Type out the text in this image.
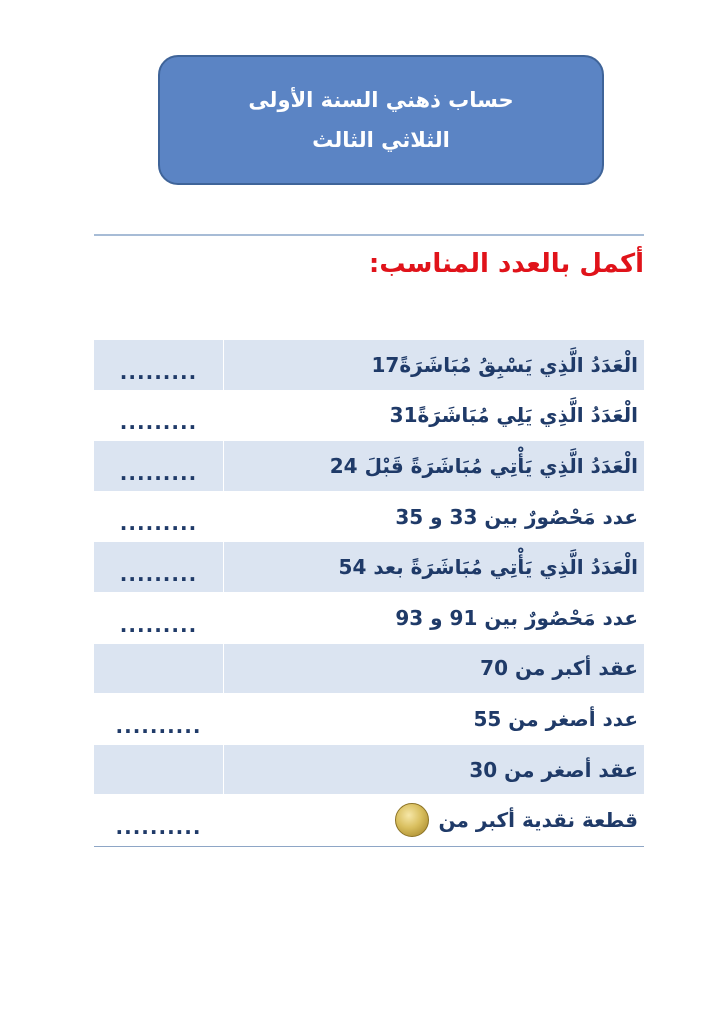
حساب ذهني السنة الأولى
الثلاثي الثالث
أكمل بالعدد المناسب:
الْعَدَدُ الَّذِي يَسْبِقُ مُبَاشَرَةً17
.........
الْعَدَدُ الَّذِي يَلِي مُبَاشَرَةً31
.........
الْعَدَدُ الَّذِي يَأْتِي مُبَاشَرَةً قَبْلَ 24
.........
عدد مَحْصُورٌ بين 33 و 35
.........
الْعَدَدُ الَّذِي يَأْتِي مُبَاشَرَةً بعد 54
.........
عدد مَحْصُورٌ بين 91 و 93
.........
عقد أكبر من 70
عدد أصغر من 55
..........
عقد أصغر من 30
قطعة نقدية أكبر من
..........
